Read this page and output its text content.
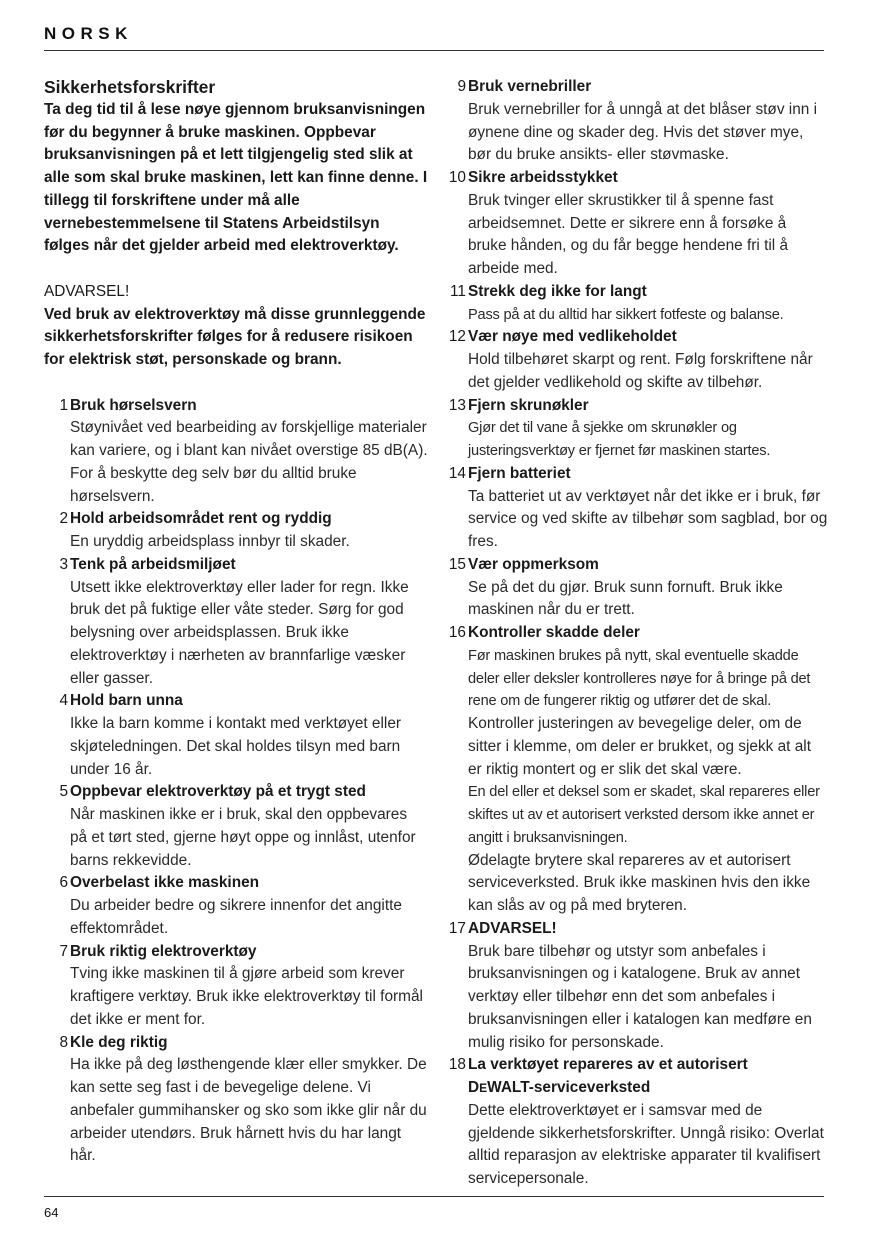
NORSK

Sikkerhetsforskrifter

Ta deg tid til å lese nøye gjennom bruksanvisningen før du begynner å bruke maskinen. Oppbevar bruksanvisningen på et lett tilgjengelig sted slik at alle som skal bruke maskinen, lett kan finne denne. I tillegg til forskriftene under må alle vernebestemmelsene til Statens Arbeidstilsyn følges når det gjelder arbeid med elektroverktøy.

ADVARSEL!

Ved bruk av elektroverktøy må disse grunnleggende sikkerhetsforskrifter følges for å redusere risikoen for elektrisk støt, personskade og brann.

1 Bruk hørselsvern
Støynivået ved bearbeiding av forskjellige materialer kan variere, og i blant kan nivået overstige 85 dB(A). For å beskytte deg selv bør du alltid bruke hørselsvern.
2 Hold arbeidsområdet rent og ryddig
En uryddig arbeidsplass innbyr til skader.
3 Tenk på arbeidsmiljøet
Utsett ikke elektroverktøy eller lader for regn. Ikke bruk det på fuktige eller våte steder. Sørg for god belysning over arbeidsplassen. Bruk ikke elektroverktøy i nærheten av brannfarlige væsker eller gasser.
4 Hold barn unna
Ikke la barn komme i kontakt med verktøyet eller skjøteledningen. Det skal holdes tilsyn med barn under 16 år.
5 Oppbevar elektroverktøy på et trygt sted
Når maskinen ikke er i bruk, skal den oppbevares på et tørt sted, gjerne høyt oppe og innlåst, utenfor barns rekkevidde.
6 Overbelast ikke maskinen
Du arbeider bedre og sikrere innenfor det angitte effektområdet.
7 Bruk riktig elektroverktøy
Tving ikke maskinen til å gjøre arbeid som krever kraftigere verktøy. Bruk ikke elektroverktøy til formål det ikke er ment for.
8 Kle deg riktig
Ha ikke på deg løsthengende klær eller smykker. De kan sette seg fast i de bevegelige delene. Vi anbefaler gummihansker og sko som ikke glir når du arbeider utendørs. Bruk hårnett hvis du har langt hår.
9 Bruk vernebriller
Bruk vernebriller for å unngå at det blåser støv inn i øynene dine og skader deg. Hvis det støver mye, bør du bruke ansikts- eller støvmaske.
10 Sikre arbeidsstykket
Bruk tvinger eller skrustikker til å spenne fast arbeidsemnet. Dette er sikrere enn å forsøke å bruke hånden, og du får begge hendene fri til å arbeide med.
11 Strekk deg ikke for langt
Pass på at du alltid har sikkert fotfeste og balanse.
12 Vær nøye med vedlikeholdet
Hold tilbehøret skarpt og rent. Følg forskriftene når det gjelder vedlikehold og skifte av tilbehør.
13 Fjern skrunøkler
Gjør det til vane å sjekke om skrunøkler og justeringsverktøy er fjernet før maskinen startes.
14 Fjern batteriet
Ta batteriet ut av verktøyet når det ikke er i bruk, før service og ved skifte av tilbehør som sagblad, bor og fres.
15 Vær oppmerksom
Se på det du gjør. Bruk sunn fornuft. Bruk ikke maskinen når du er trett.
16 Kontroller skadde deler
Før maskinen brukes på nytt, skal eventuelle skadde deler eller deksler kontrolleres nøye for å bringe på det rene om de fungerer riktig og utfører det de skal.
Kontroller justeringen av bevegelige deler, om de sitter i klemme, om deler er brukket, og sjekk at alt er riktig montert og er slik det skal være.
En del eller et deksel som er skadet, skal repareres eller skiftes ut av et autorisert verksted dersom ikke annet er angitt i bruksanvisningen.
Ødelagte brytere skal repareres av et autorisert serviceverksted. Bruk ikke maskinen hvis den ikke kan slås av og på med bryteren.
17 ADVARSEL!
Bruk bare tilbehør og utstyr som anbefales i bruksanvisningen og i katalogene. Bruk av annet verktøy eller tilbehør enn det som anbefales i bruksanvisningen eller i katalogen kan medføre en mulig risiko for personskade.
18 La verktøyet repareres av et autorisert
DEWALT-serviceverksted
Dette elektroverktøyet er i samsvar med de gjeldende sikkerhetsforskrifter. Unngå risiko: Overlat alltid reparasjon av elektriske apparater til kvalifisert servicepersonale.
64
